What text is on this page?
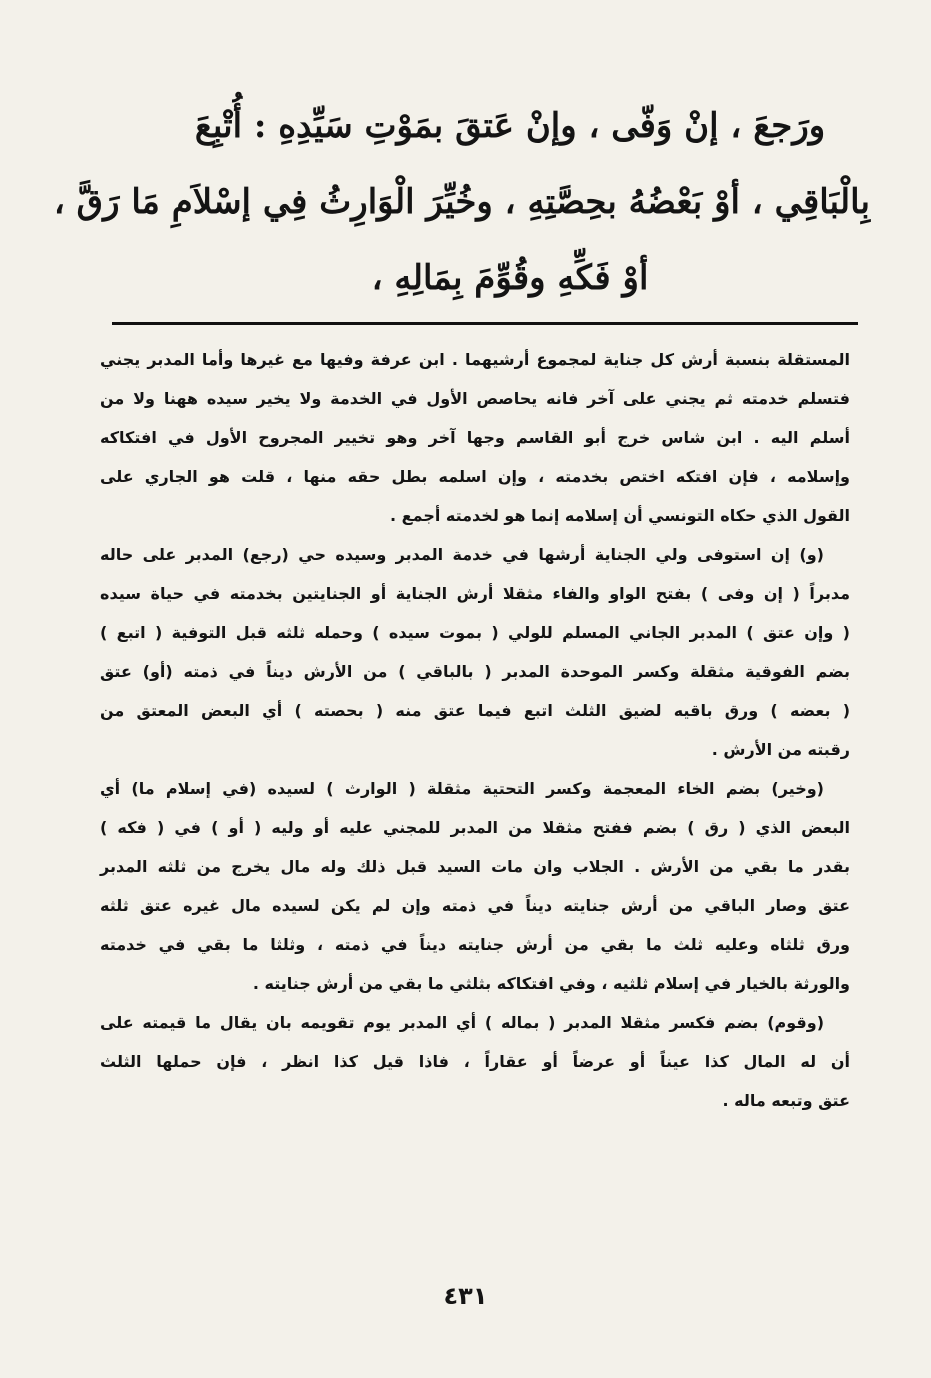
ورَجعَ ، إنْ وَفّى ، وإنْ عَتقَ بمَوْتِ سَيِّدِهِ : أُتْبِعَ

بِالْبَاقِي ، أوْ بَعْضُهُ بحِصَّتِهِ ، وخُيِّرَ الْوَارِثُ فِي إسْلاَمِ مَا رَقَّ ،

أوْ فَكِّهِ وقُوِّمَ بِمَالِهِ ،

المستقلة بنسبة أرش كل جناية لمجموع أرشيهما . ابن عرفة وفيها مع غيرها وأما المدبر يجني
فتسلم خدمته ثم يجني على آخر فانه يحاصص الأول في الخدمة ولا يخير سيده ههنا ولا من
أسلم اليه . ابن شاس خرج أبو القاسم وجها آخر وهو تخيير المجروح الأول في افتكاكه
وإسلامه ، فإن افتكه اختص بخدمته ، وإن اسلمه بطل حقه منها ، قلت هو الجاري على
القول الذي حكاه التونسي أن إسلامه إنما هو لخدمته أجمع .
(و) إن استوفى ولي الجناية أرشها في خدمة المدبر وسيده حي (رجع) المدبر على حاله
مدبراً ( إن وفى ) بفتح الواو والفاء مثقلا أرش الجناية أو الجنايتين بخدمته في حياة سيده
( وإن عتق ) المدبر الجاني المسلم للولي ( بموت سيده ) وحمله ثلثه قبل التوفية ( اتبع )
بضم الفوقية مثقلة وكسر الموحدة المدبر ( بالباقي ) من الأرش ديناً في ذمته (أو) عتق
( بعضه ) ورق باقيه لضيق الثلث اتبع فيما عتق منه ( بحصته ) أي البعض المعتق من
رقبته من الأرش .
(وخير) بضم الخاء المعجمة وكسر التحتية مثقلة ( الوارث ) لسيده (في إسلام ما) أي
البعض الذي ( رق ) بضم ففتح مثقلا من المدبر للمجني عليه أو وليه ( أو ) في ( فكه )
بقدر ما بقي من الأرش . الجلاب وان مات السيد قبل ذلك وله مال يخرج من ثلثه المدبر
عتق وصار الباقي من أرش جنايته ديناً في ذمته وإن لم يكن لسيده مال غيره عتق ثلثه
ورق ثلثاه وعليه ثلث ما بقي من أرش جنايته ديناً في ذمته ، وثلثا ما بقي في خدمته
والورثة بالخيار في إسلام ثلثيه ، وفي افتكاكه بثلثي ما بقي من أرش جنايته .
(وقوم) بضم فكسر مثقلا المدبر ( بماله ) أي المدبر يوم تقويمه بان يقال ما قيمته على
أن له المال كذا عيناً أو عرضاً أو عقاراً ، فاذا قيل كذا انظر ، فإن حملها الثلث
عتق وتبعه ماله .
٤٣١
